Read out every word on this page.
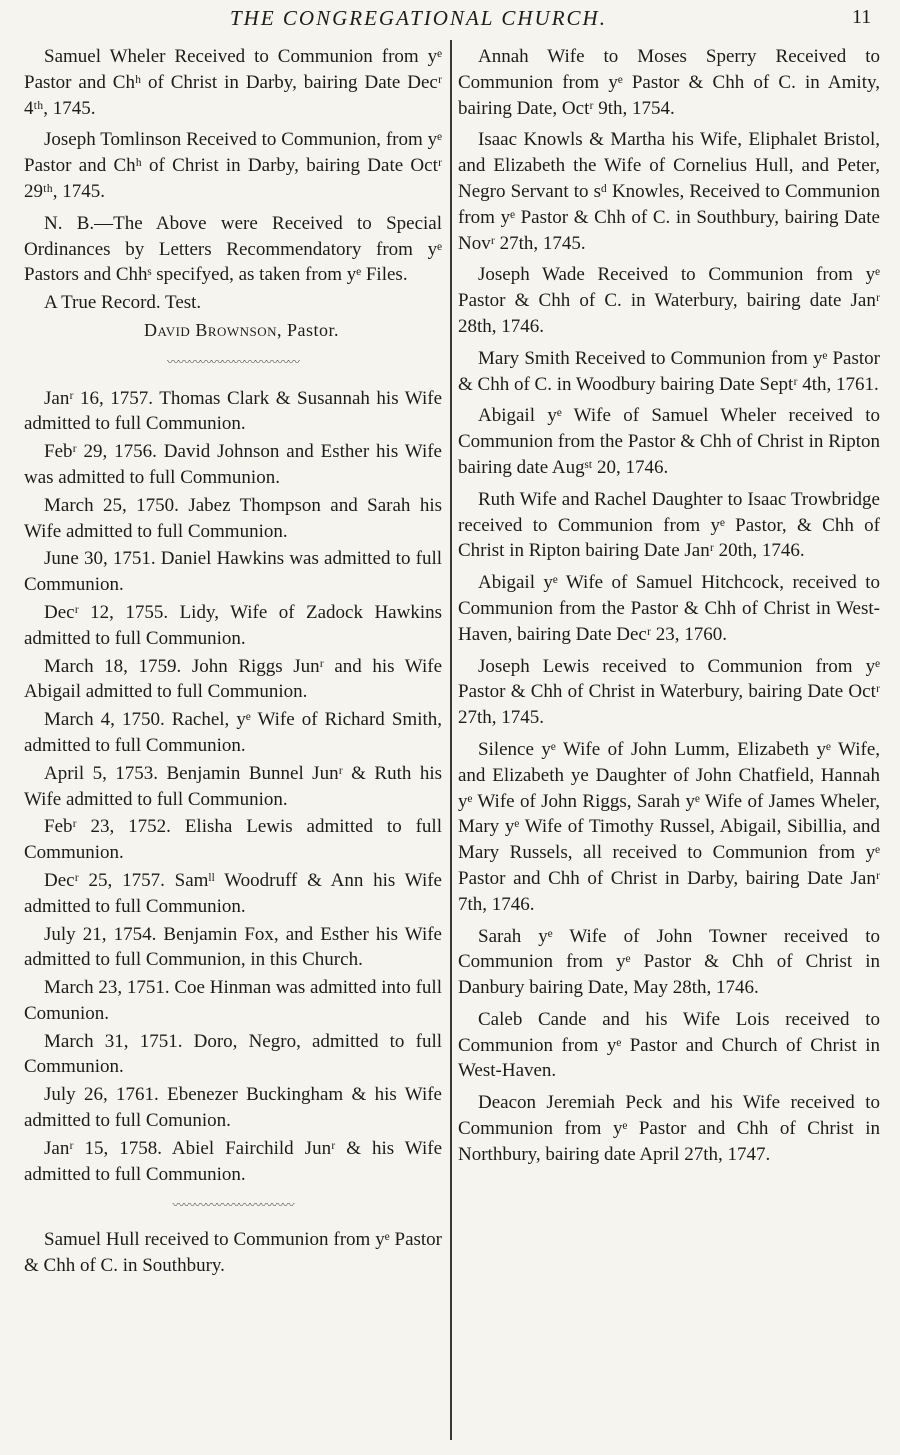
THE CONGREGATIONAL CHURCH.	11

Samuel Wheler Received to Communion from yᵉ Pastor and Chʰ of Christ in Darby, bairing Date Decʳ 4ᵗʰ, 1745.

Joseph Tomlinson Received to Communion, from yᵉ Pastor and Chʰ of Christ in Darby, bairing Date Octʳ 29ᵗʰ, 1745.

N. B.—The Above were Received to Special Ordinances by Letters Recommendatory from yᵉ Pastors and Chhˢ specifyed, as taken from yᵉ Files.

A True Record. Test.

David Brownson, Pastor.

〰〰〰〰〰〰〰〰〰〰〰〰

Janʳ 16, 1757. Thomas Clark & Susannah his Wife admitted to full Communion.

Febʳ 29, 1756. David Johnson and Esther his Wife was admitted to full Communion.

March 25, 1750. Jabez Thompson and Sarah his Wife admitted to full Communion.

June 30, 1751. Daniel Hawkins was admitted to full Communion.

Decʳ 12, 1755. Lidy, Wife of Zadock Hawkins admitted to full Communion.

March 18, 1759. John Riggs Junʳ and his Wife Abigail admitted to full Communion.

March 4, 1750. Rachel, yᵉ Wife of Richard Smith, admitted to full Communion.

April 5, 1753. Benjamin Bunnel Junʳ & Ruth his Wife admitted to full Communion.

Febʳ 23, 1752. Elisha Lewis admitted to full Communion.

Decʳ 25, 1757. Samˡˡ Woodruff & Ann his Wife admitted to full Communion.

July 21, 1754. Benjamin Fox, and Esther his Wife admitted to full Communion, in this Church.

March 23, 1751. Coe Hinman was admitted into full Comunion.

March 31, 1751. Doro, Negro, admitted to full Communion.

July 26, 1761. Ebenezer Buckingham & his Wife admitted to full Comunion.

Janʳ 15, 1758. Abiel Fairchild Junʳ & his Wife admitted to full Communion.

〰〰〰〰〰〰〰〰〰〰〰

Samuel Hull received to Communion from yᵉ Pastor & Chh of C. in Southbury.

Annah Wife to Moses Sperry Received to Communion from yᵉ Pastor & Chh of C. in Amity, bairing Date, Octʳ 9th, 1754.

Isaac Knowls & Martha his Wife, Eliphalet Bristol, and Elizabeth the Wife of Cornelius Hull, and Peter, Negro Servant to sᵈ Knowles, Received to Communion from yᵉ Pastor & Chh of C. in Southbury, bairing Date Novʳ 27th, 1745.

Joseph Wade Received to Communion from yᵉ Pastor & Chh of C. in Waterbury, bairing date Janʳ 28th, 1746.

Mary Smith Received to Communion from yᵉ Pastor & Chh of C. in Woodbury bairing Date Septʳ 4th, 1761.

Abigail yᵉ Wife of Samuel Wheler received to Communion from the Pastor & Chh of Christ in Ripton bairing date Augˢᵗ 20, 1746.

Ruth Wife and Rachel Daughter to Isaac Trowbridge received to Communion from yᵉ Pastor, & Chh of Christ in Ripton bairing Date Janʳ 20th, 1746.

Abigail yᵉ Wife of Samuel Hitchcock, received to Communion from the Pastor & Chh of Christ in West-Haven, bairing Date Decʳ 23, 1760.

Joseph Lewis received to Communion from yᵉ Pastor & Chh of Christ in Waterbury, bairing Date Octʳ 27th, 1745.

Silence yᵉ Wife of John Lumm, Elizabeth yᵉ Wife, and Elizabeth ye Daughter of John Chatfield, Hannah yᵉ Wife of John Riggs, Sarah yᵉ Wife of James Wheler, Mary yᵉ Wife of Timothy Russel, Abigail, Sibillia, and Mary Russels, all received to Communion from yᵉ Pastor and Chh of Christ in Darby, bairing Date Janʳ 7th, 1746.

Sarah yᵉ Wife of John Towner received to Communion from yᵉ Pastor & Chh of Christ in Danbury bairing Date, May 28th, 1746.

Caleb Cande and his Wife Lois received to Communion from yᵉ Pastor and Church of Christ in West-Haven.

Deacon Jeremiah Peck and his Wife received to Communion from yᵉ Pastor and Chh of Christ in Northbury, bairing date April 27th, 1747.
